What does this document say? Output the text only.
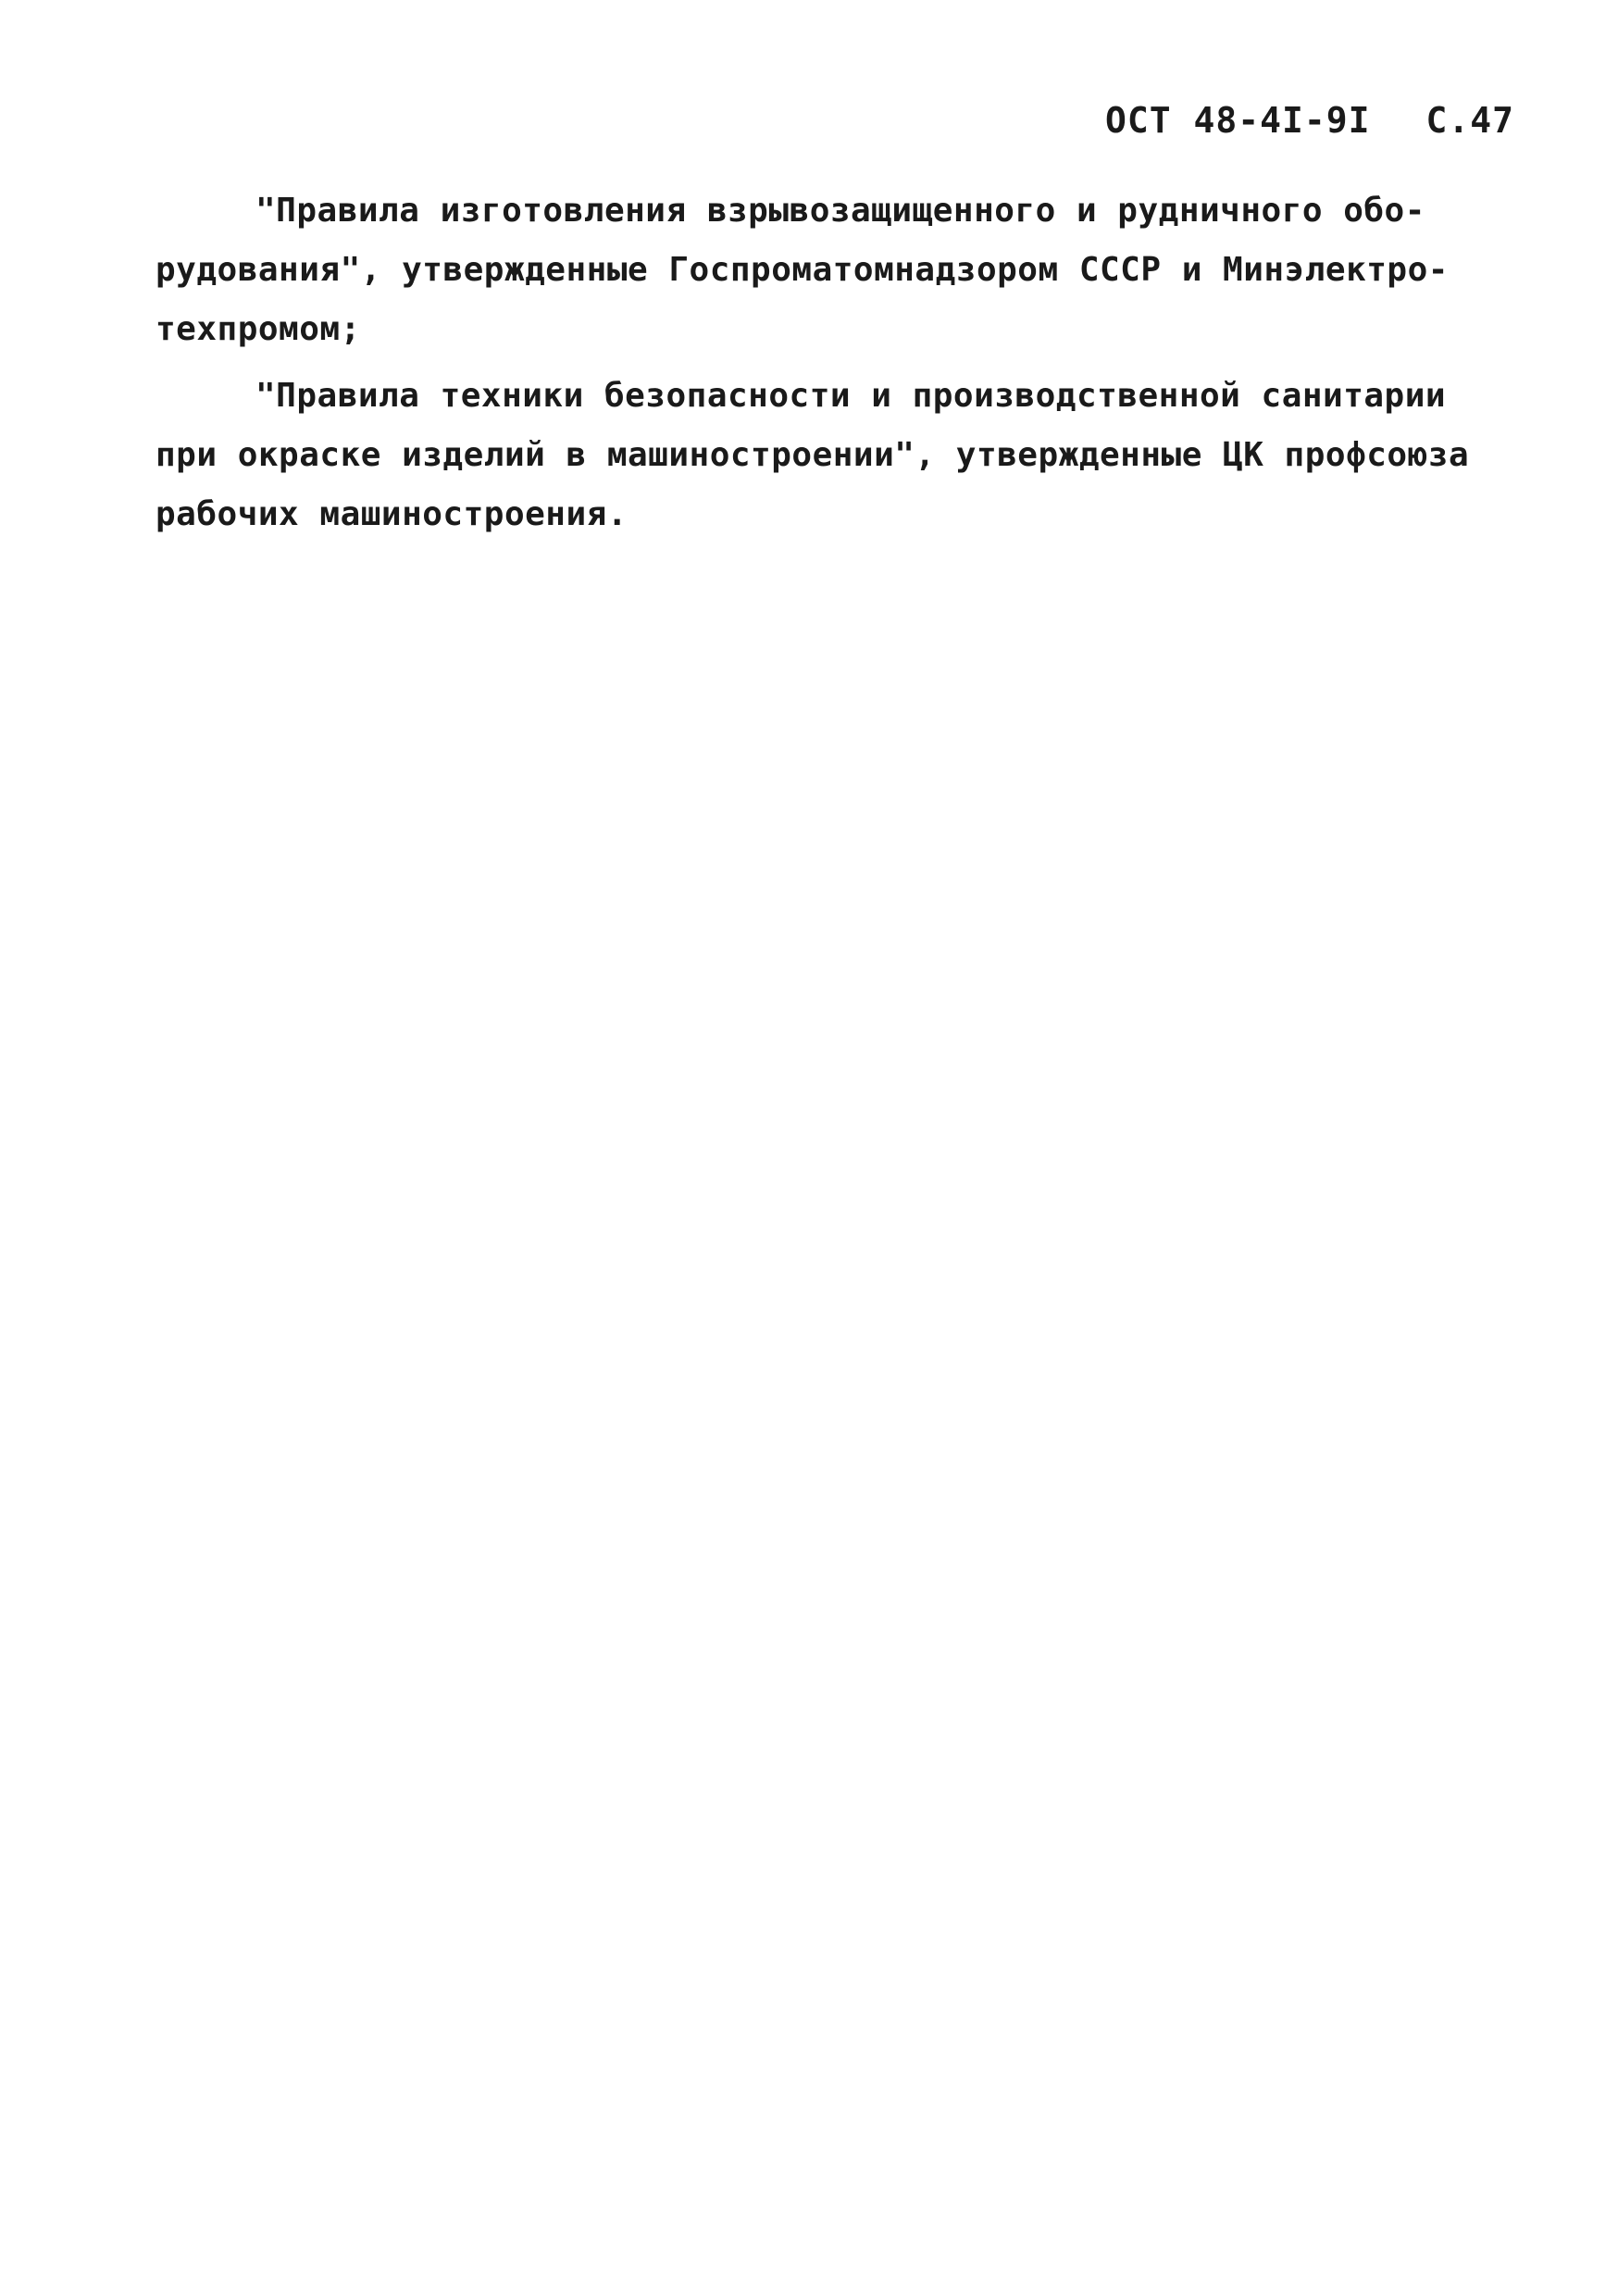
ОСТ 48-4I-9I С.47
"Правила изготовления взрывозащищенного и рудничного обо-
рудования", утвержденные Госпроматомнадзором СССР и Минэлектро-
техпромом;
"Правила техники безопасности и производственной санитарии
при окраске изделий в машиностроении", утвержденные ЦК профсоюза
рабочих машиностроения.
